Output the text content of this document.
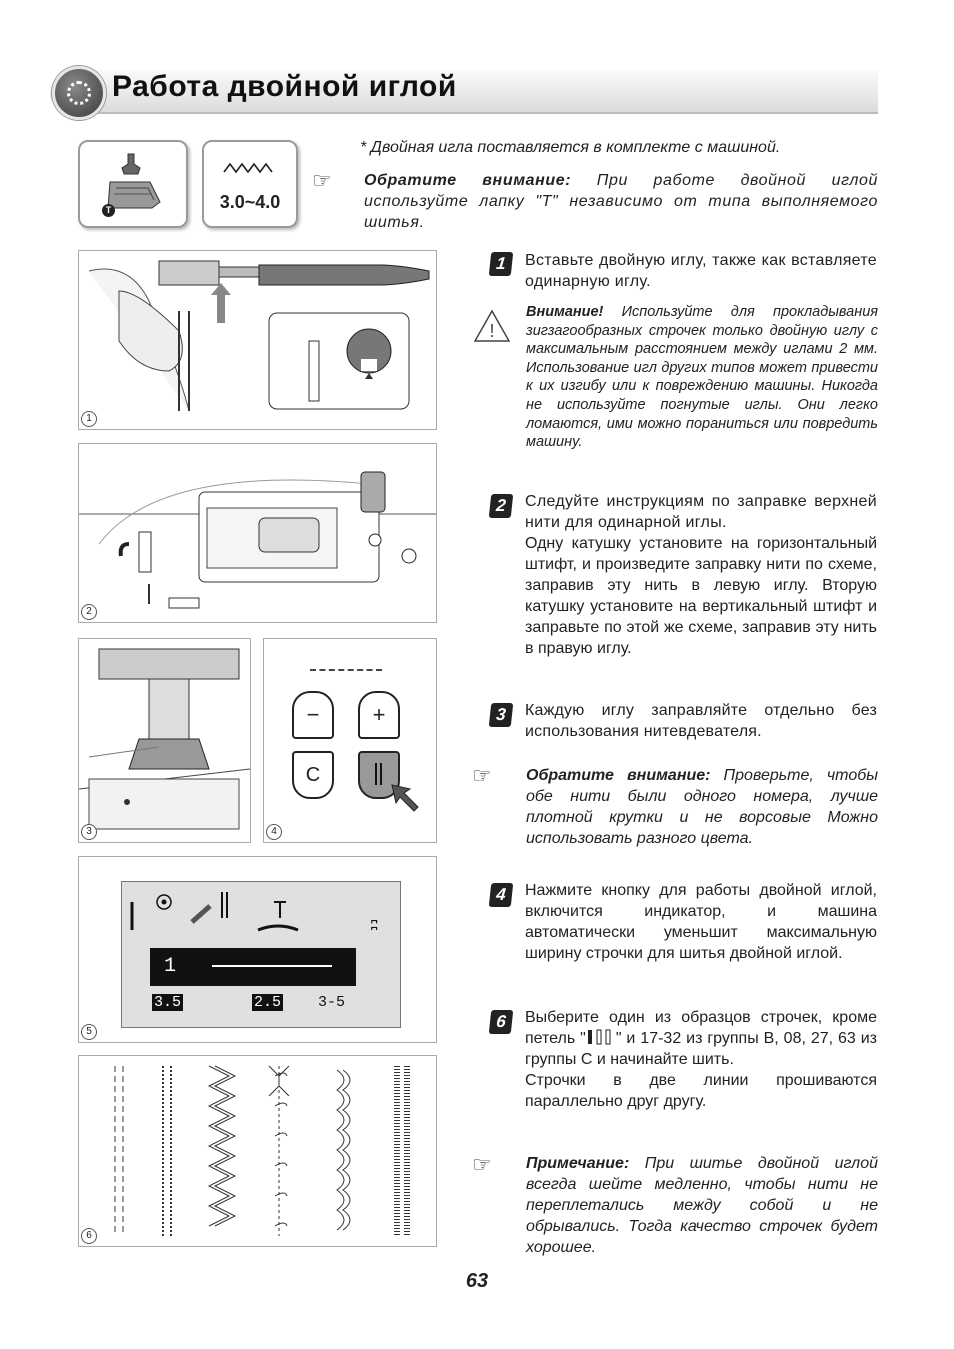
Работа двойной иглой
T	3.0~4.0
* Двойная игла поставляется в комплекте с машиной.
☞ Обратите внимание: При работе двойной иглой используйте лапку "T" независимо от типа выполняемого шитья.
1
1	Вставьте двойную иглу, также как вставляете одинарную иглу.
!
Внимание! Используйте для прокладывания зигзагообразных строчек только двойную иглу с максимальным расстоянием между иглами 2 мм. Использование игл других типов может привести к их изгибу или к повреждению машины. Никогда не используйте погнутые иглы. Они легко ломаются, ими можно пораниться или повредить машину.
2
2	Следуйте инструкциям по заправке верхней нити для одинарной иглы.
Одну катушку установите на горизонтальный штифт, и произведите заправку нити по схеме, заправив эту нить в левую иглу. Вторую катушку установите на вертикальный штифт и заправьте по этой же схеме, заправив эту нить в правую иглу.
3
−	+
C
4
3	Каждую иглу заправляйте отдельно без использования нитевдевателя.
☞ Обратите внимание: Проверьте, чтобы обе нити были одного номера, лучше плотной крутки и не ворсовые Можно использовать разного цвета.
ʭ
1
3.5	2.5 3-5
5
4	Нажмите кнопку для работы двойной иглой, включится индикатор, и машина автоматически уменьшит максимальную ширину строчки для шитья двойной иглой.
6
6	Выберите один из образцов строчек, кроме петель " " и 17-32 из группы B, 08, 27, 63 из группы C и начинайте шить.
Строчки в две линии прошиваются параллельно друг другу.
☞ Примечание: При шитье двойной иглой всегда шейте медленно, чтобы нити не переплетались между собой и не обрывались. Тогда качество строчек будет хорошее.
63
